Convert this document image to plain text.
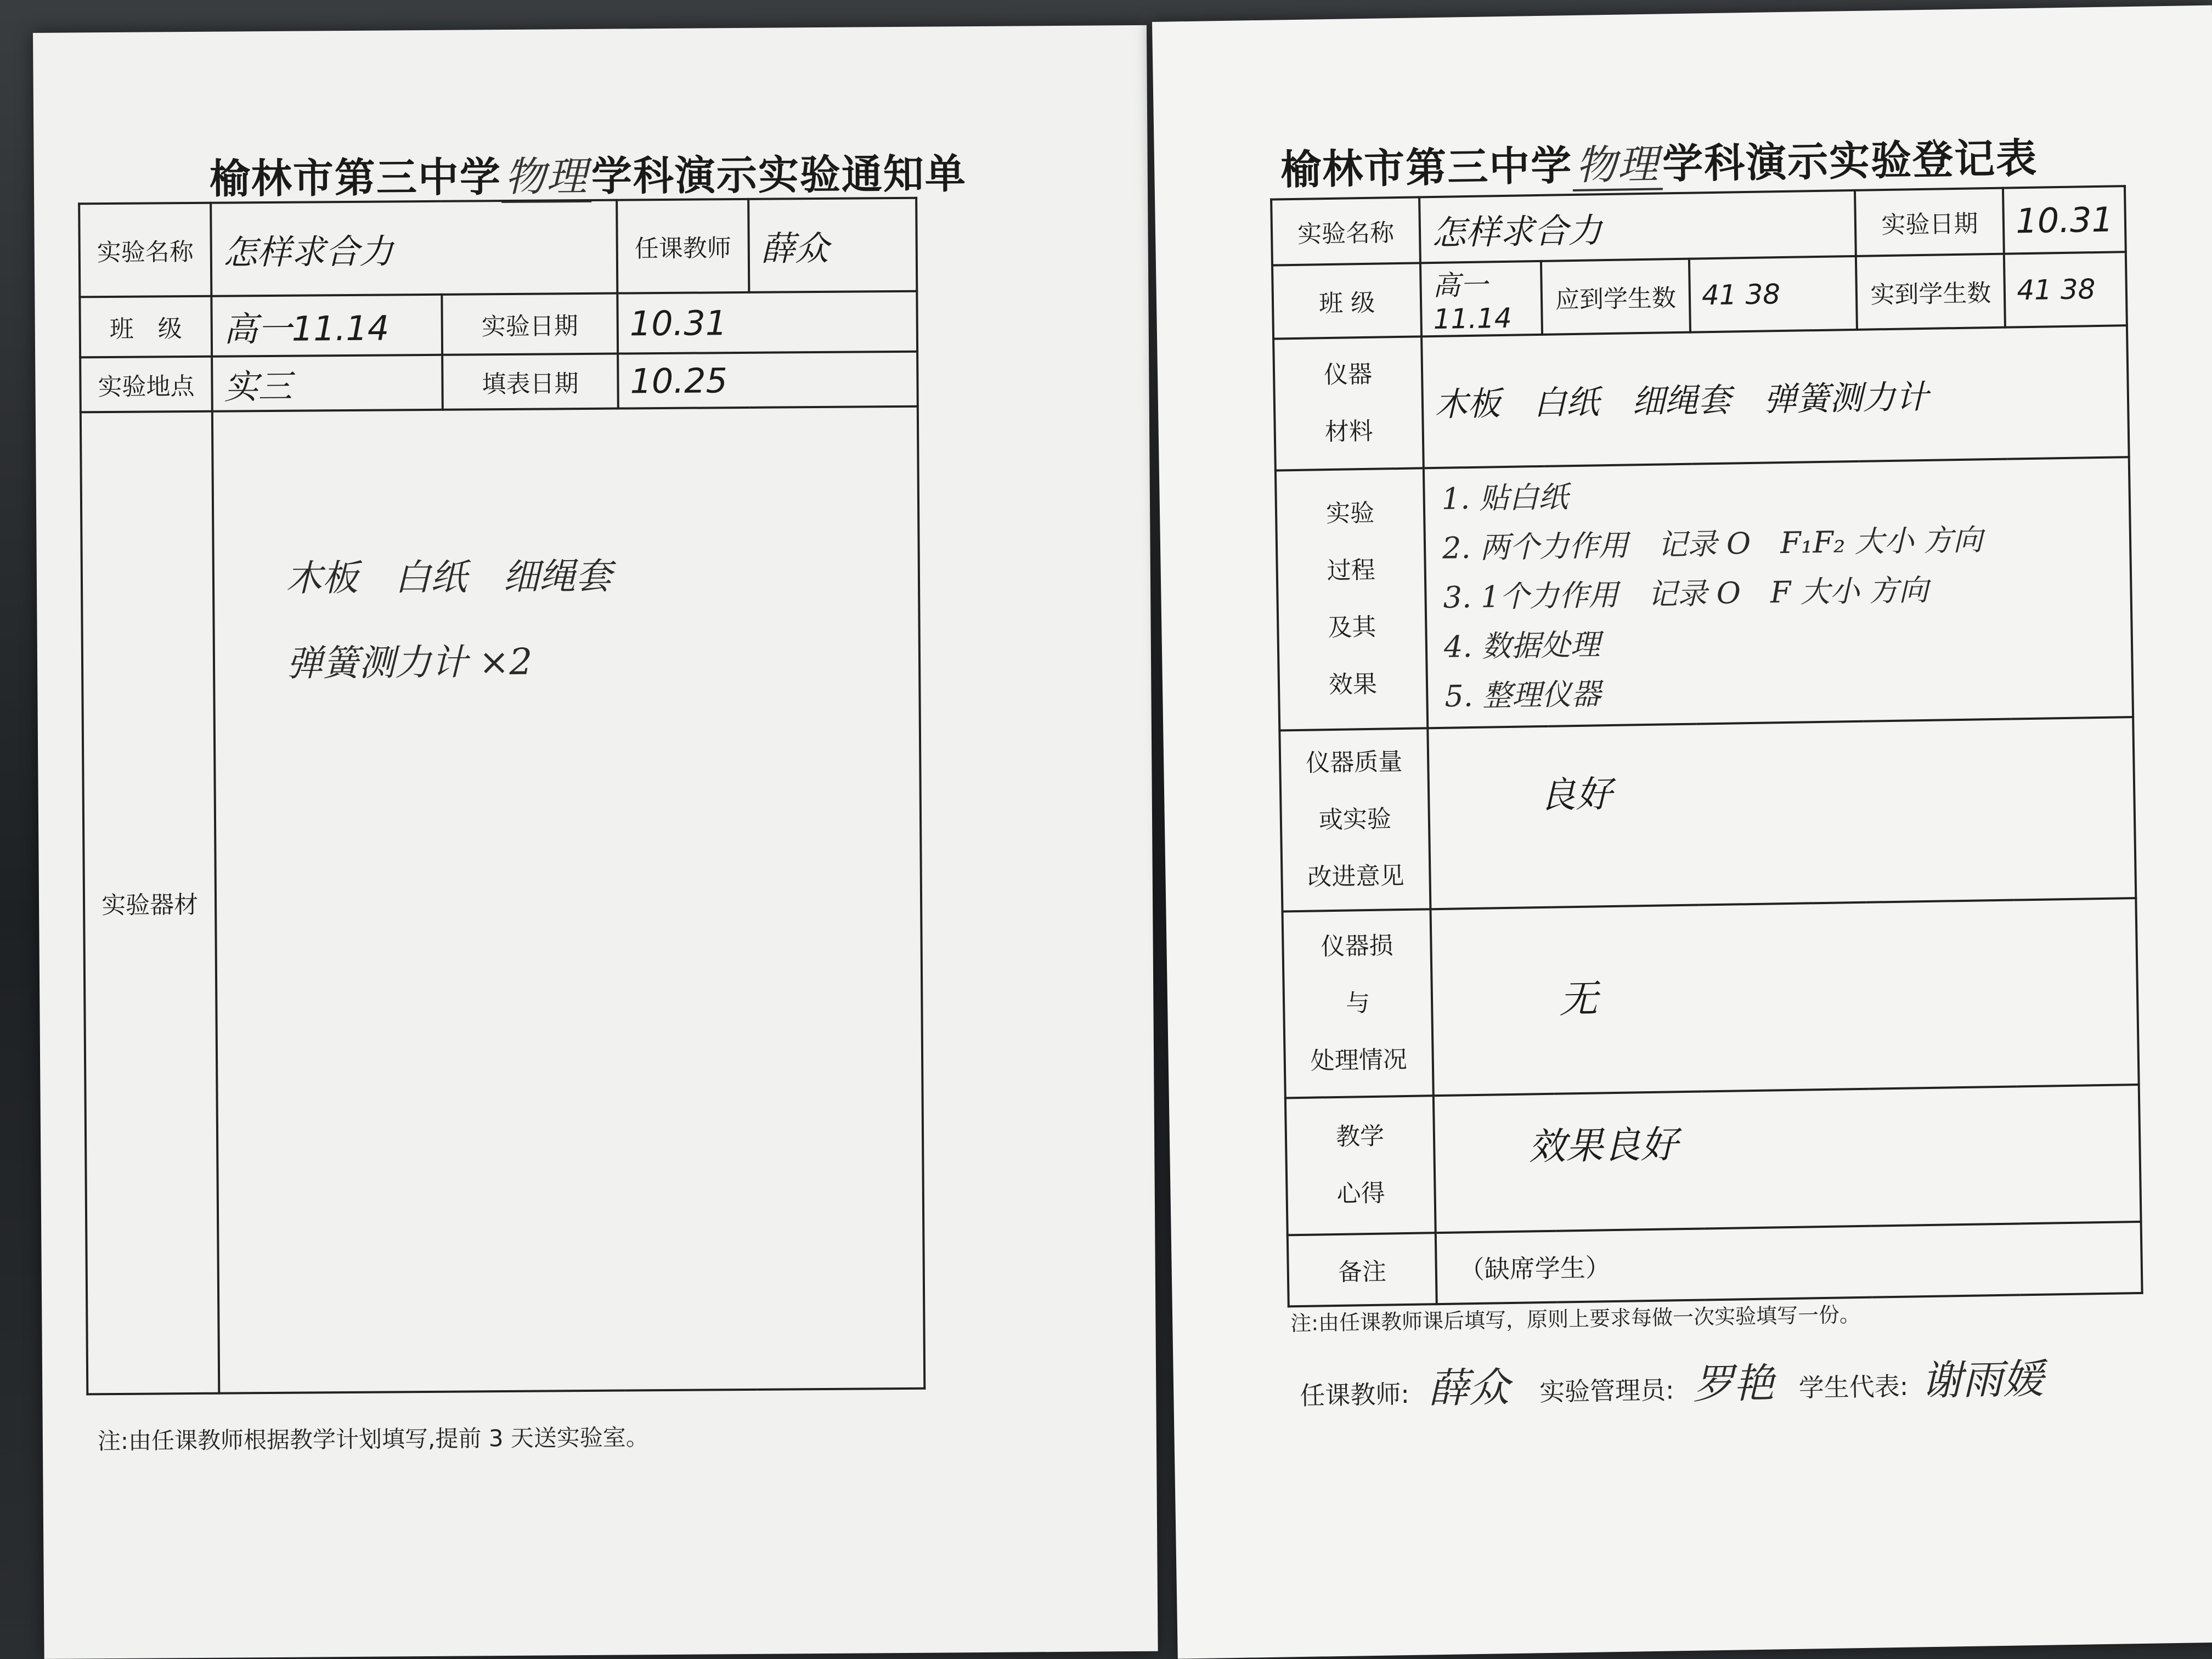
榆林市第三中学物理学科演示实验通知单
实验名称	怎样求合力		任课教师	薛众
班　级	高一11.14	实验日期	10.31	
实验地点	实三	填表日期	10.25	
实验器材	木板　白纸　细绳套
弹簧测力计 ×2			
注:由任课教师根据教学计划填写,提前 3 天送实验室。
榆林市第三中学物理学科演示实验登记表
实验名称	怎样求合力			实验日期	10.31
班 级	高一11.14	应到学生数	41 38	实到学生数	41 38
仪器
材料	木板　白纸　细绳套　弹簧测力计				
实验
过程
及其
效果	1. 贴白纸
2. 两个力作用　记录 O　F₁F₂ 大小 方向
3. 1个力作用　记录 O　F 大小 方向
4. 数据处理
5. 整理仪器				

仪器质量
或实验
改进意见	良好				
仪器损
与
处理情况	无				
教学
心得	效果良好				
备注	（缺席学生）				
注:由任课教师课后填写，原则上要求每做一次实验填写一份。
任课教师: 薛众 实验管理员: 罗艳 学生代表: 谢雨媛
